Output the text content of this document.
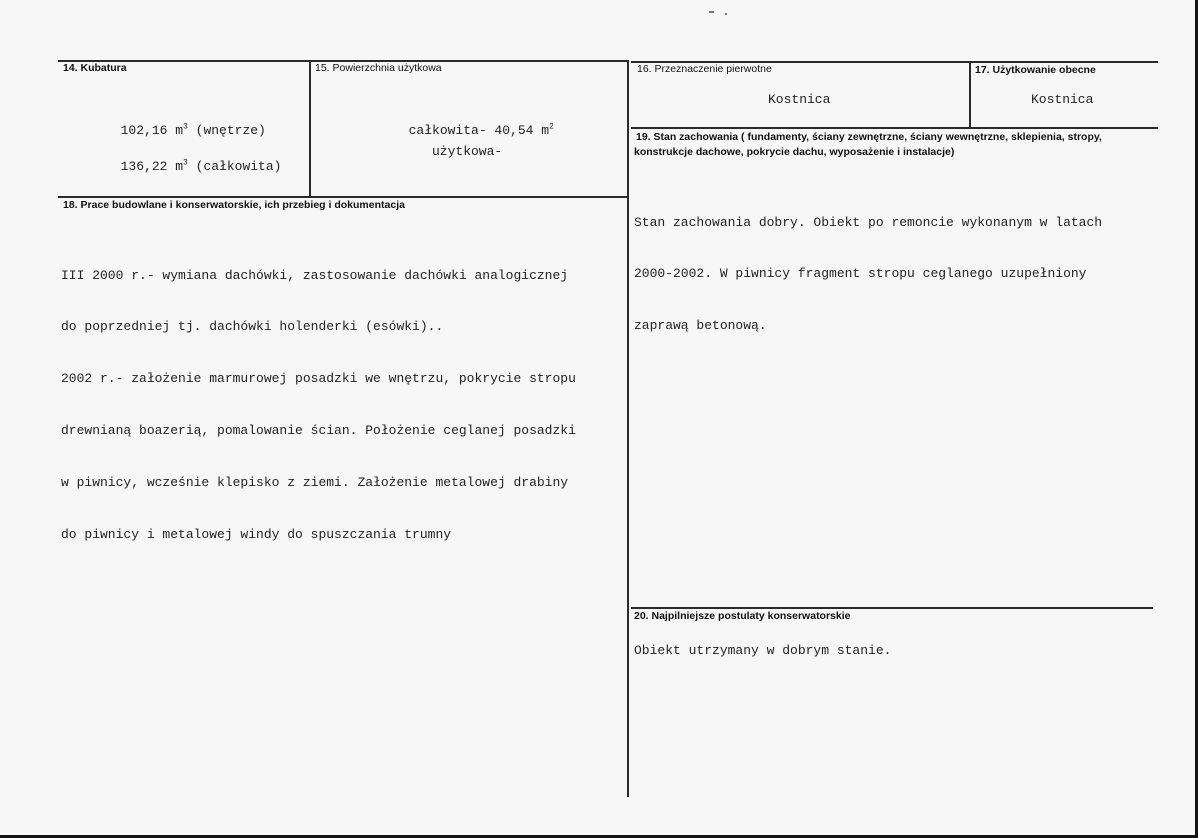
14. Kubatura

102,16 $m^3$ (wnętrze)

136,22 $m^3$ (całkowita)

15. Powierzchnia użytkowa

całkowita- 40,54 $m^2$

użytkowa-
16. Przeznaczenie pierwotne
Kostnica
17. Użytkowanie obecne
Kostnica
18. Prace budowlane i konserwatorskie, ich przebieg i dokumentacja

III 2000 r.- wymiana dachówki, zastosowanie dachówki analogicznej

do poprzedniej tj. dachówki holenderki (esówki)..

2002 r.- założenie marmurowej posadzki we wnętrzu, pokrycie stropu

drewnianą boazerią, pomalowanie ścian. Położenie ceglanej posadzki

w piwnicy, wcześnie klepisko z ziemi. Założenie metalowej drabiny

do piwnicy i metalowej windy do spuszczania trumny

19. Stan zachowania ( fundamenty, ściany zewnętrzne, ściany wewnętrzne, sklepienia, stropy,
konstrukcje dachowe, pokrycie dachu, wyposażenie i instalacje)

Stan zachowania dobry. Obiekt po remoncie wykonanym w latach

2000-2002. W piwnicy fragment stropu ceglanego uzupełniony

zaprawą betonową.

20. Najpilniejsze postulaty konserwatorskie
Obiekt utrzymany w dobrym stanie.
